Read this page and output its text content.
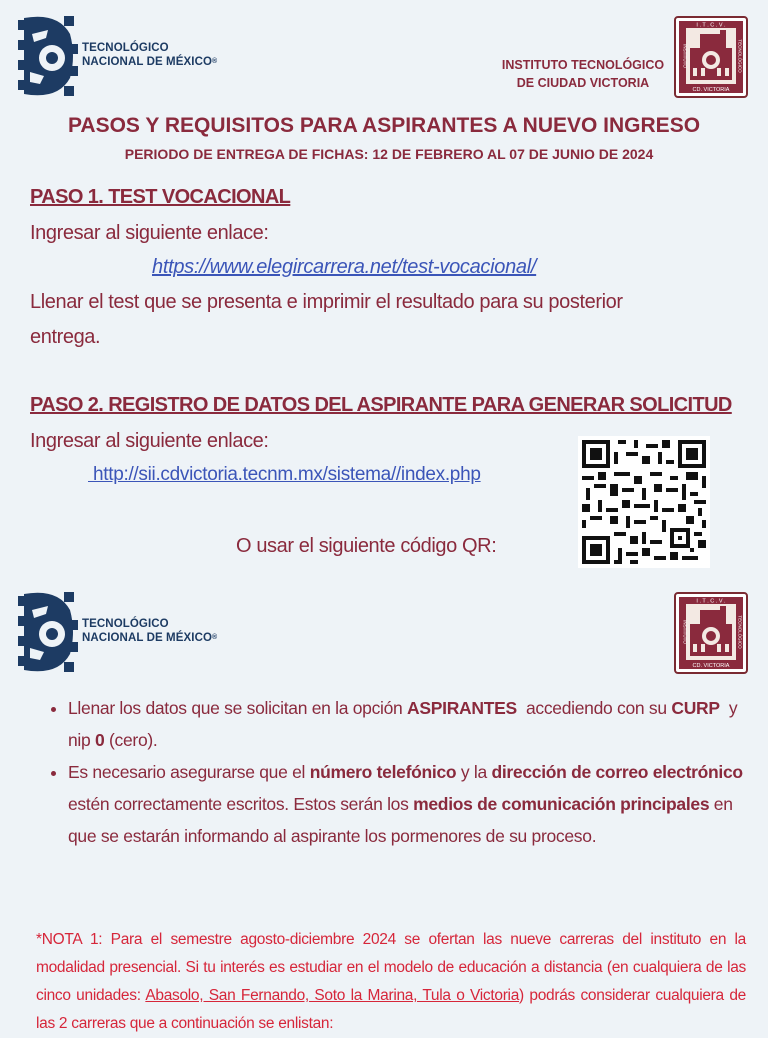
TECNOLÓGICO
NACIONAL DE MÉXICO®	INSTITUTO TECNOLÓGICO
DE CIUDAD VICTORIA
I . T . C . V .
CD. VICTORIA
INSTITUTO	TECNOLÓGICO
PASOS Y REQUISITOS PARA ASPIRANTES A NUEVO INGRESO
PERIODO DE ENTREGA DE FICHAS: 12 DE FEBRERO AL 07 DE JUNIO DE 2024
PASO 1. TEST VOCACIONAL
Ingresar al siguiente enlace:
https://www.elegircarrera.net/test-vocacional/
Llenar el test que se presenta e imprimir el resultado para su posterior
entrega.
PASO 2. REGISTRO DE DATOS DEL ASPIRANTE PARA GENERAR SOLICITUD
Ingresar al siguiente enlace:
http://sii.cdvictoria.tecnm.mx/sistema//index.php
O usar el siguiente código QR:
TECNOLÓGICO
NACIONAL DE MÉXICO®
I . T . C . V .
CD. VICTORIA
INSTITUTO	TECNOLÓGICO
• Llenar los datos que se solicitan en la opción ASPIRANTES  accediendo con su CURP  y  nip 0 (cero).
• Es necesario asegurarse que el número telefónico y la dirección de correo electrónico estén correctamente escritos. Estos serán los medios de comunicación principales en que se estarán informando al aspirante los pormenores de su proceso.
*NOTA 1: Para el semestre agosto-diciembre 2024 se ofertan las nueve carreras del instituto en la modalidad presencial. Si tu interés es estudiar en el modelo de educación a distancia (en cualquiera de las cinco unidades: Abasolo, San Fernando, Soto la Marina, Tula o Victoria) podrás considerar cualquiera de las 2 carreras que a continuación se enlistan:
